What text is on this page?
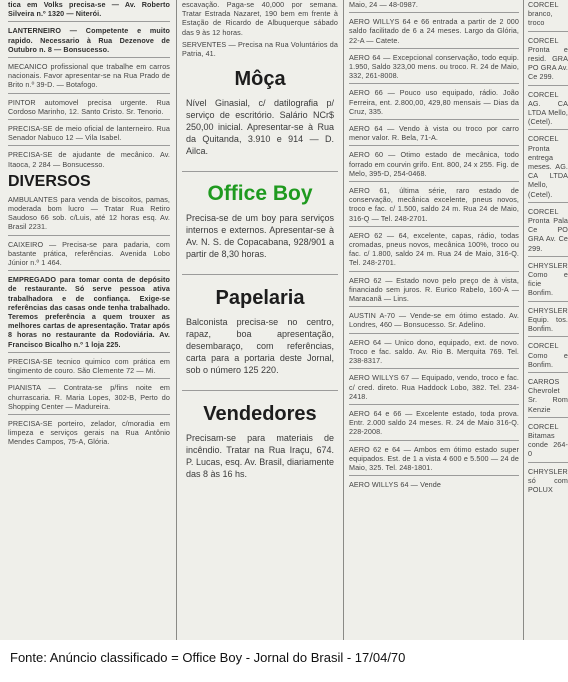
tica em Volks precisa-se — Av. Roberto Silveira n.º 1320 — Niterói.

LANTERNEIRO — Competente e muito rapido. Necessario à Rua Dezenove de Outubro n. 8 — Bonsucesso.

MECANICO profissional que trabalhe em carros nacionais. Favor apresentar-se na Rua Prado de Brito n.º 39-D. — Botafogo.

PINTOR automovel precisa urgente. Rua Cordoso Marinho, 12. Santo Cristo. Sr. Tenorio.

PRECISA-SE de meio oficial de lanterneiro. Rua Senador Nabuco 12 — Vila Isabel.

PRECISA-SE de ajudante de mecânico. Av. Itaoca, 2 284 — Bonsucesso.

DIVERSOS

AMBULANTES para venda de biscoitos, pamas, moderada bom lucro — Tratar Rua Retiro Saudoso 66 sob. c/Luis, até 12 horas esq. Av. Brasil 2231.

CAIXEIRO — Precisa-se para padaria, com bastante prática, referências. Avenida Lobo Júnior n.º 1 464.

EMPREGADO para tomar conta de depósito de restaurante. Só serve pessoa ativa trabalhadora e de confiança. Exige-se referências das casas onde tenha trabalhado. Teremos preferência a quem trouxer as melhores cartas de apresentação. Tratar após 8 horas no restaurante da Rodoviária. Av. Francisco Bicalho n.º 1 loja 225.

PRECISA-SE tecnico quimico com prática em tingimento de couro. São Clemente 72 — Mi.

PIANISTA — Contrata-se p/fins noite em churrascaria. R. Maria Lopes, 302-B, Perto do Shopping Center — Madureira.

PRECISA-SE porteiro, zelador, c/moradia em limpeza e serviços gerais na Rua Antônio Mendes Campos, 75-A, Glória.

escavação. Paga-se 40,000 por semana. Tratar Estrada Nazaret, 190 bem em frente à Estação de Ricardo de Albuquerque sábado das 9 às 12 horas.

SERVENTES — Precisa na Rua Voluntários da Patria, 41.

Môça

Nível Ginasial, c/ datilografia p/ serviço de escritório. Salário NCr$ 250,00 inicial. Apresentar-se à Rua da Quitanda, 3.910 e 914 — D. Ailca.

Office Boy

Precisa-se de um boy para serviços internos e externos. Apresentar-se à Av. N. S. de Copacabana, 928/901 a partir de 8,30 horas.

Papelaria

Balconista precisa-se no centro, rapaz, boa apresentação, desembaraço, com referências, carta para a portaria deste Jornal, sob o número 125 220.

Vendedores

Precisam-se para materiais de incêndio. Tratar na Rua Iraçu, 674. P. Lucas, esq. Av. Brasil, diariamente das 8 às 16 hs.

Maio, 24 — 48-0987.

AERO WILLYS 64 e 66 entrada a partir de 2 000 saldo facilitado de 6 a 24 meses. Largo da Glória, 22-A — Catete.

AERO 64 — Excepcional conservação, todo equip. 1.950, Saldo 323,00 mens. ou troco. R. 24 de Maio, 332, 261-8008.

AERO 66 — Pouco uso equipado, rádio. João Ferreira, ent. 2.800,00, 429,80 mensais — Dias da Cruz, 335.

AERO 64 — Vendo à vista ou troco por carro menor valor. R. Bela, 71-A.

AERO 60 — Otimo estado de mecânica, todo forrado em courvin grifo. Ent. 800, 24 x 255. Fig. de Melo, 395-D, 254-0468.

AERO 61, última série, raro estado de conservação, mecânica excelente, pneus novos, troco e fac. c/ 1.500, saldo 24 m. Rua 24 de Maio, 316-Q — Tel. 248-2701.

AERO 62 — 64, excelente, capas, rádio, todas cromadas, pneus novos, mecânica 100%, troco ou fac. c/ 1.800, saldo 24 m. Rua 24 de Maio, 316-Q. Tel. 248-2701.

AERO 62 — Estado novo pelo preço de à vista, financiado sem juros. R. Eurico Rabelo, 160-A — Maracanã — Lins.

AUSTIN A-70 — Vende-se em ótimo estado. Av. Londres, 460 — Bonsucesso. Sr. Adelino.

AERO 64 — Unico dono, equipado, ext. de novo. Troco e fac. saldo. Av. Rio B. Merquita 769. Tel. 238-8317.

AERO WILLYS 67 — Equipado, vendo, troco e fac. c/ cred. direto. Rua Haddock Lobo, 382. Tel. 234-2418.

AERO 64 e 66 — Excelente estado, toda prova. Entr. 2.000 saldo 24 meses. R. 24 de Maio 316-Q. 228-2008.

AERO 62 e 64 — Ambos em ótimo estado super equipados. Est. de 1 a vista 4 600 e 5.500 — 24 de Maio, 325. Tel. 248-1801.

AERO WILLYS 64 — Vende

CORCEL branco, troco

CORCEL Pronta e resid. GRA PO GRA Av. Ce 299.

CORCEL AG. CA LTDA Mello, (Cetel).

CORCEL Pronta entrega meses. AG. CA LTDA Mello, (Cetel).

CORCEL Pronta Pala Ce PO GRA Av. Ce 299.

CHRYSLER Como e ficie Bonfim.

CHRYSLER Equip. tos. Bonfim.

CORCEL Como e Bonfim.

CARROS Chevrolet Sr. Rom Kenzie

CORCEL Bitamas conde 264-0

CHRYSLER só com POLUX

Fonte: Anúncio classificado = Office Boy - Jornal do Brasil - 17/04/70
